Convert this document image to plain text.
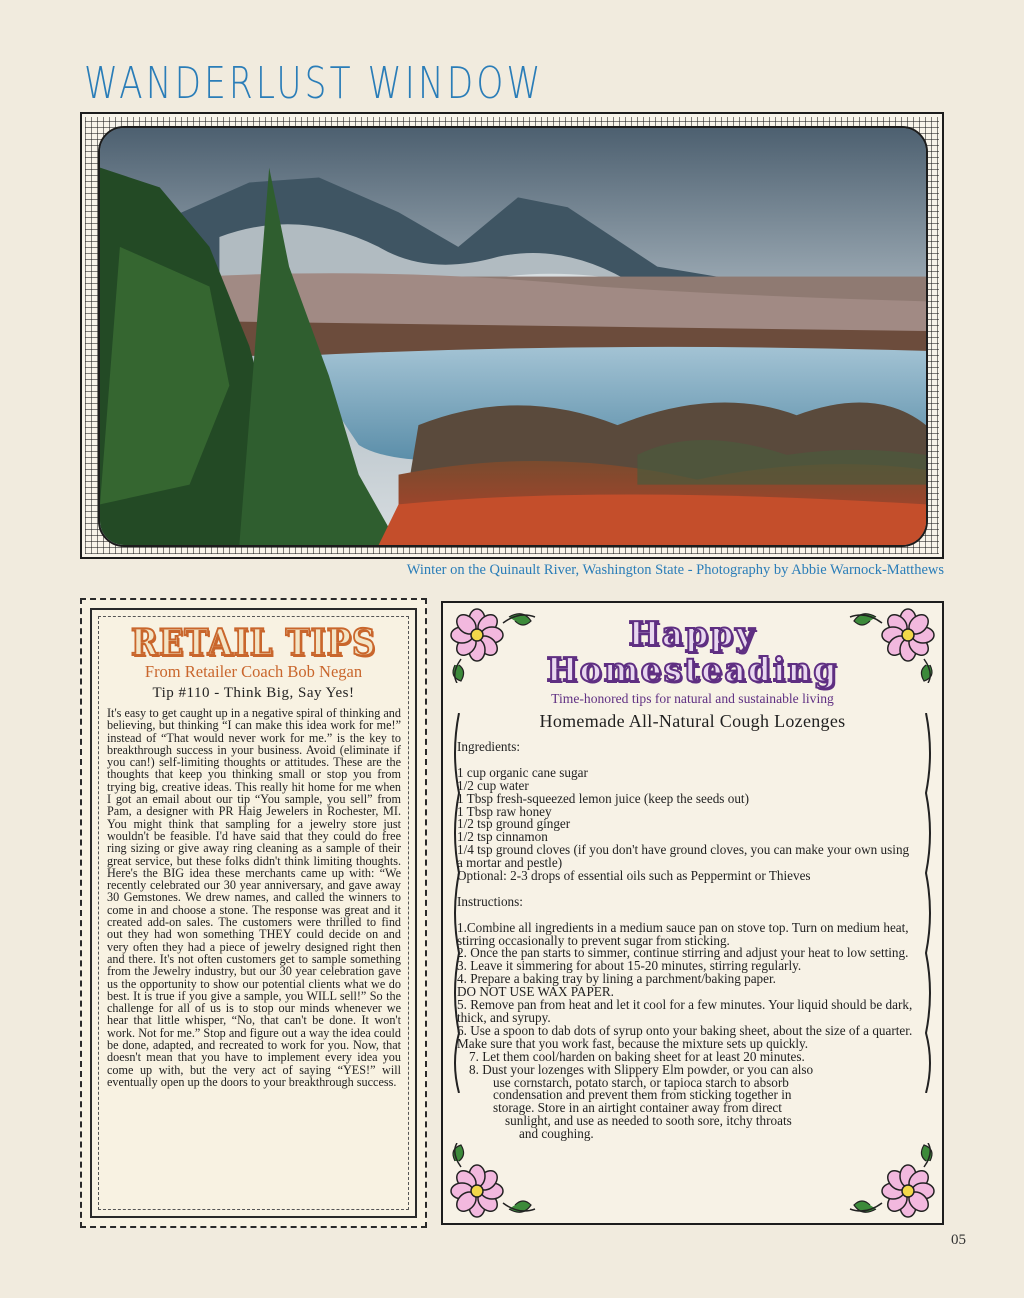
WANDERLUST WINDOW
Winter on the Quinault River, Washington State - Photography by Abbie Warnock-Matthews
RETAIL TIPS
From Retailer Coach Bob Negan
Tip #110 - Think Big, Say Yes!
It's easy to get caught up in a negative spiral of thinking and believing, but thinking “I can make this idea work for me!” instead of “That would never work for me.” is the key to breakthrough success in your business. Avoid (eliminate if you can!) self-limiting thoughts or attitudes. These are the thoughts that keep you thinking small or stop you from trying big, creative ideas. This really hit home for me when I got an email about our tip “You sample, you sell” from Pam, a designer with PR Haig Jewelers in Rochester, MI. You might think that sampling for a jewelry store just wouldn't be feasible. I'd have said that they could do free ring sizing or give away ring cleaning as a sample of their great service, but these folks didn't think limiting thoughts. Here's the BIG idea these merchants came up with: “We recently celebrated our 30 year anniversary, and gave away 30 Gemstones. We drew names, and called the winners to come in and choose a stone. The response was great and it created add-on sales. The customers were thrilled to find out they had won something THEY could decide on and very often they had a piece of jewelry designed right then and there. It's not often customers get to sample something from the Jewelry industry, but our 30 year celebration gave us the opportunity to show our potential clients what we do best. It is true if you give a sample, you WILL sell!” So the challenge for all of us is to stop our minds whenever we hear that little whisper, “No, that can't be done. It won't work. Not for me.” Stop and figure out a way the idea could be done, adapted, and recreated to work for you. Now, that doesn't mean that you have to implement every idea you come up with, but the very act of saying “YES!” will eventually open up the doors to your breakthrough success.
Happy
Homesteading
Time-honored tips for natural and sustainable living
Homemade All-Natural Cough Lozenges

Ingredients:

1 cup organic cane sugar

1/2 cup water

1 Tbsp fresh-squeezed lemon juice (keep the seeds out)

1 Tbsp raw honey

1/2 tsp ground ginger

1/2 tsp cinnamon

1/4 tsp ground cloves (if you don't have ground cloves, you can make your own using a mortar and pestle)

Optional: 2-3 drops of essential oils such as Peppermint or Thieves

Instructions:

1.Combine all ingredients in a medium sauce pan on stove top. Turn on medium heat, stirring occasionally to prevent sugar from sticking.

2. Once the pan starts to simmer, continue stirring and adjust your heat to low setting.

3. Leave it simmering for about 15-20 minutes, stirring regularly.

4. Prepare a baking tray by lining a parchment/baking paper.

DO NOT USE WAX PAPER.

5. Remove pan from heat and let it cool for a few minutes. Your liquid should be dark, thick, and syrupy.

6. Use a spoon to dab dots of syrup onto your baking sheet, about the size of a quarter. Make sure that you work fast, because the mixture sets up quickly.

7. Let them cool/harden on baking sheet for at least 20 minutes.

8. Dust your lozenges with Slippery Elm powder, or you can also

use cornstarch, potato starch, or tapioca starch to absorb

condensation and prevent them from sticking together in

storage. Store in an airtight container away from direct

sunlight, and use as needed to sooth sore, itchy throats

and coughing.

05
